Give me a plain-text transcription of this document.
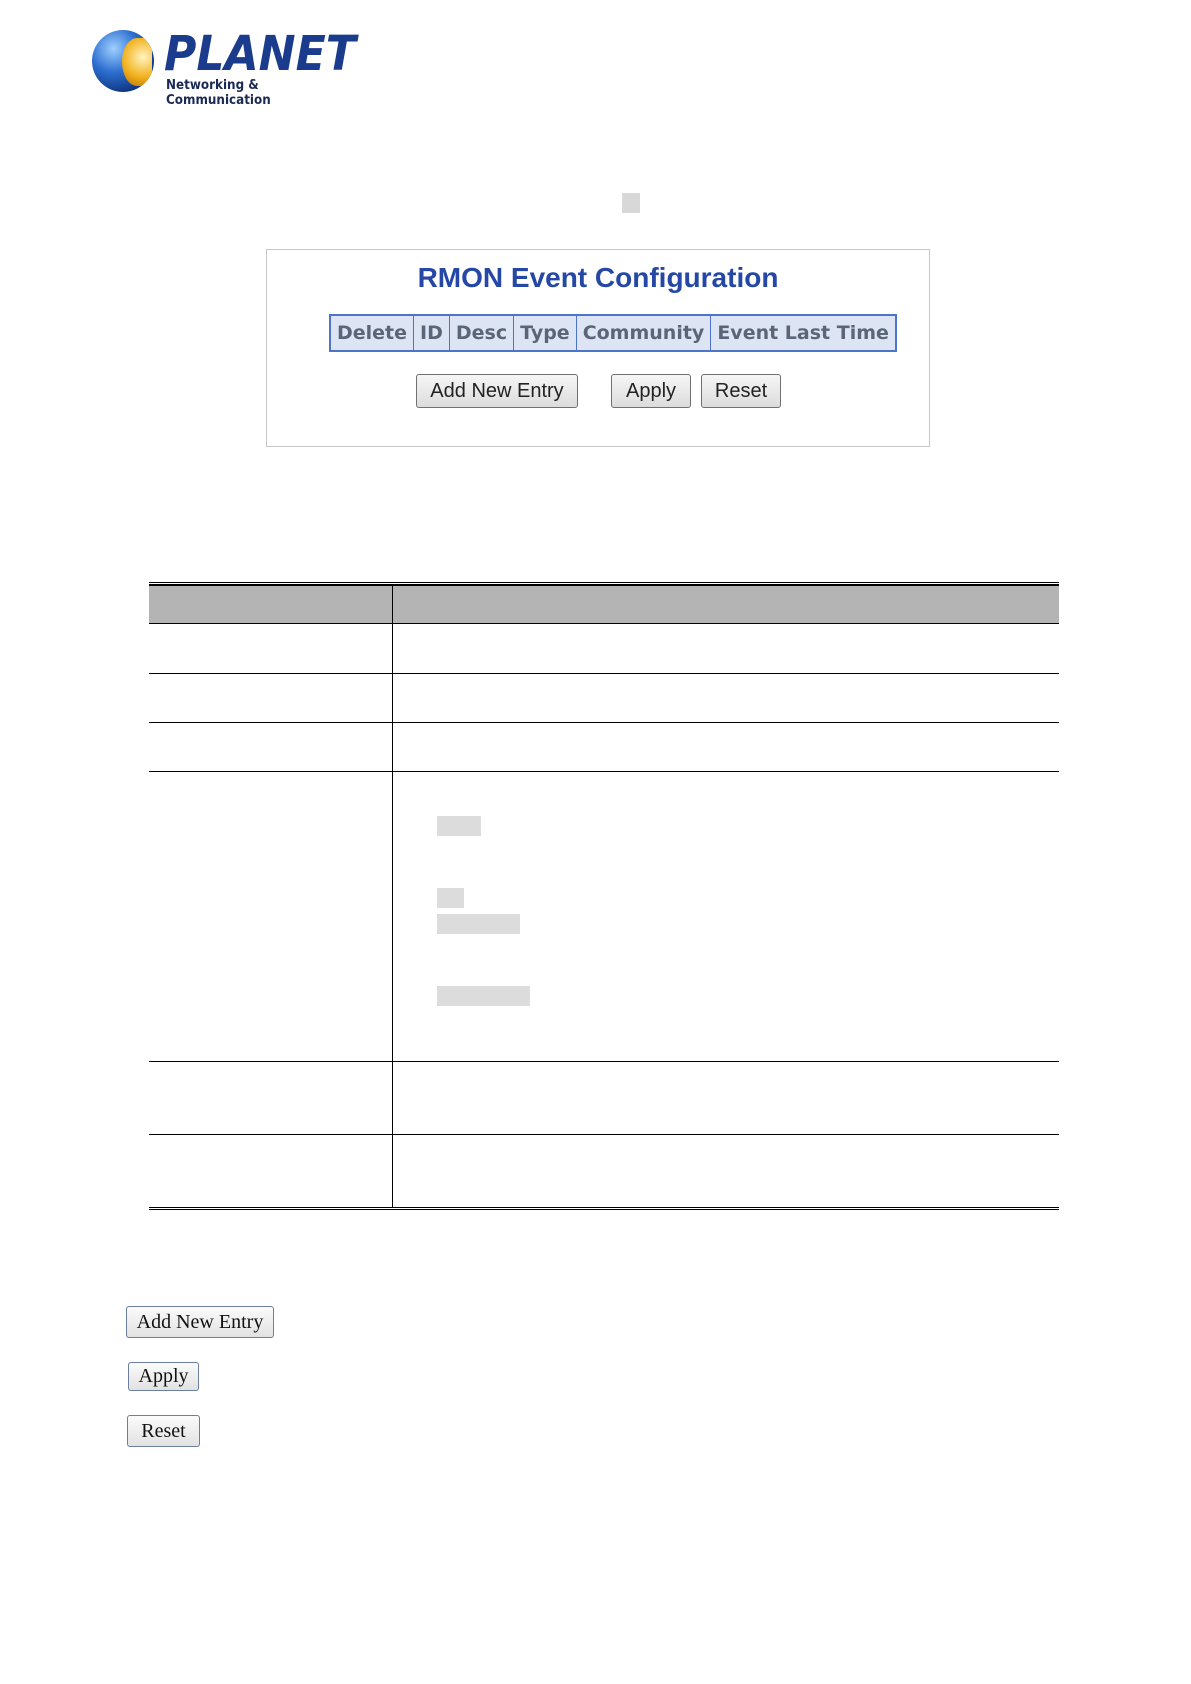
PLANET
Networking & Communication
RMON Event Configuration
Delete	ID	Desc	Type	Community	Event Last Time
Add New Entry	Apply	Reset

Add New Entry
Apply
Reset
